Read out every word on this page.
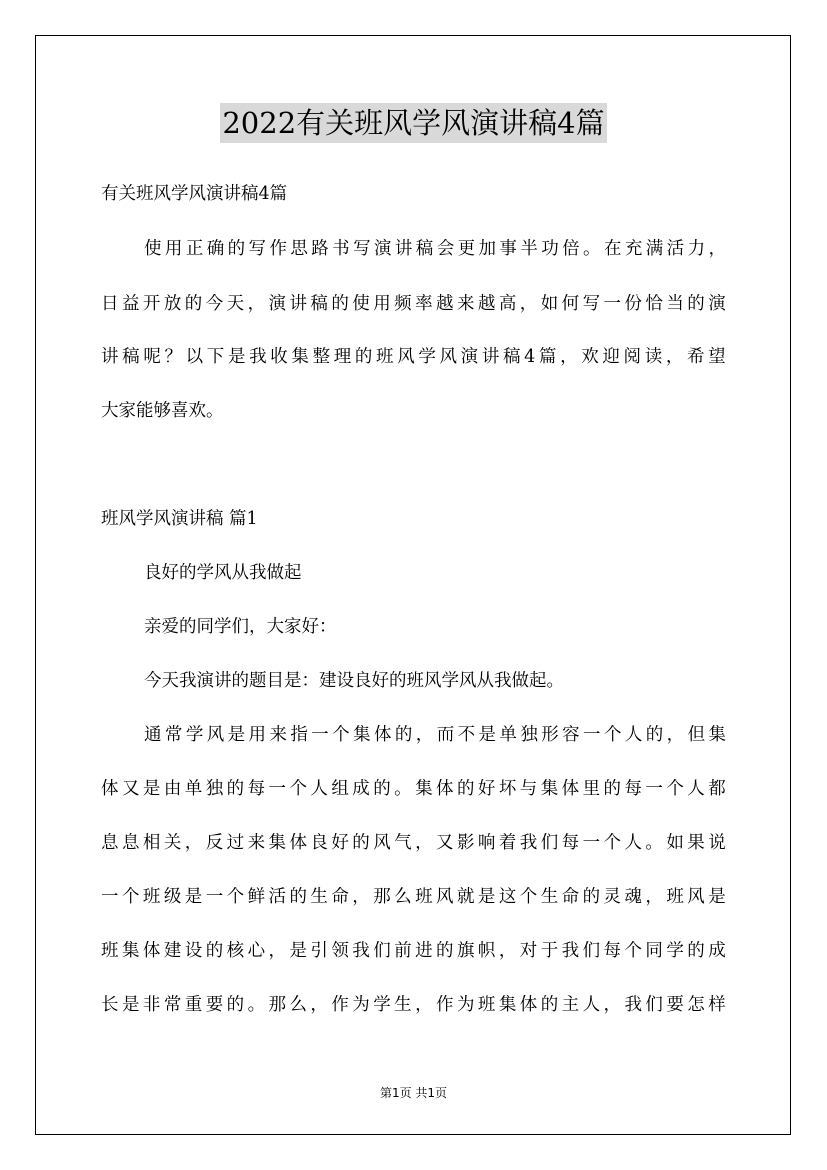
2022有关班风学风演讲稿4篇
有关班风学风演讲稿4篇
使 用 正 确 的 写 作 思 路 书 写 演 讲 稿 会 更 加 事 半 功 倍 。 在 充 满 活 力 ，
日 益 开 放 的 今 天 ， 演 讲 稿 的 使 用 频 率 越 来 越 高 ， 如 何 写 一 份 恰 当 的 演
讲 稿 呢 ？ 以 下 是 我 收 集 整 理 的 班 风 学 风 演 讲 稿 4 篇 ， 欢 迎 阅 读 ， 希 望
大家能够喜欢。
班风学风演讲稿 篇1
良好的学风从我做起
亲爱的同学们，大家好：
今天我演讲的题目是：建设良好的班风学风从我做起。
通 常 学 风 是 用 来 指 一 个 集 体 的 ， 而 不 是 单 独 形 容 一 个 人 的 ， 但 集
体 又 是 由 单 独 的 每 一 个 人 组 成 的 。 集 体 的 好 坏 与 集 体 里 的 每 一 个 人 都
息 息 相 关 ， 反 过 来 集 体 良 好 的 风 气 ， 又 影 响 着 我 们 每 一 个 人 。 如 果 说
一 个 班 级 是 一 个 鲜 活 的 生 命 ， 那 么 班 风 就 是 这 个 生 命 的 灵 魂 ， 班 风 是
班 集 体 建 设 的 核 心 ， 是 引 领 我 们 前 进 的 旗 帜 ， 对 于 我 们 每 个 同 学 的 成
长 是 非 常 重 要 的 。 那 么 ， 作 为 学 生 ， 作 为 班 集 体 的 主 人 ， 我 们 要 怎 样
第1页 共1页
